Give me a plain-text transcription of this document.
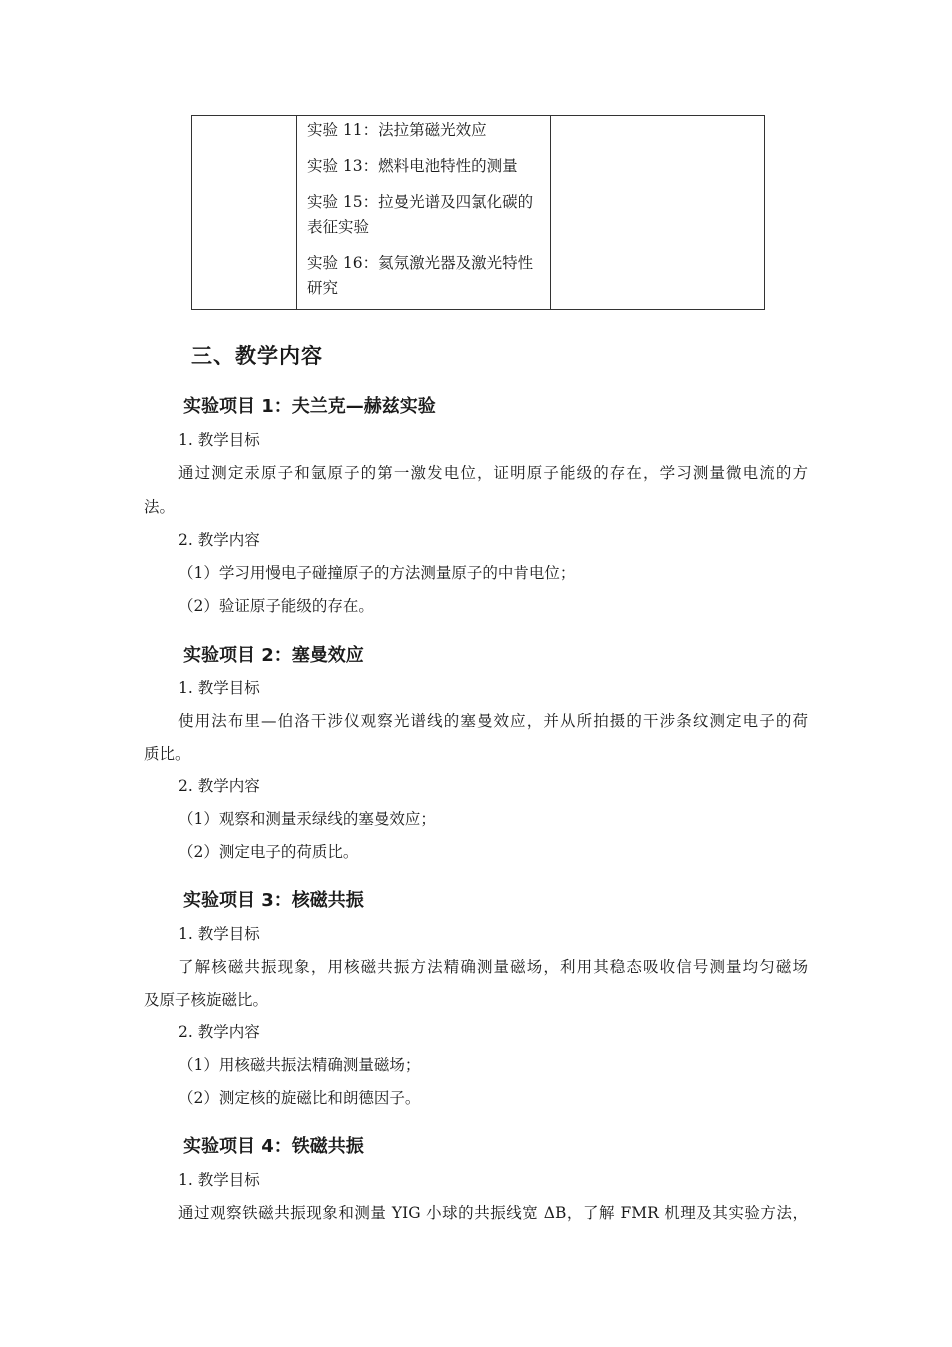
实验 11：法拉第磁光效应
实验 13：燃料电池特性的测量
实验 15：拉曼光谱及四氯化碳的表征实验
实验 16：氦氖激光器及激光特性研究

三、教学内容
实验项目 1：夫兰克—赫兹实验
1. 教学目标
通过测定汞原子和氩原子的第一激发电位，证明原子能级的存在，学习测量微电流的方
法。
2. 教学内容
（1）学习用慢电子碰撞原子的方法测量原子的中肯电位；
（2）验证原子能级的存在。
实验项目 2：塞曼效应
1. 教学目标
使用法布里—伯洛干涉仪观察光谱线的塞曼效应，并从所拍摄的干涉条纹测定电子的荷
质比。
2. 教学内容
（1）观察和测量汞绿线的塞曼效应；
（2）测定电子的荷质比。
实验项目 3：核磁共振
1. 教学目标
了解核磁共振现象，用核磁共振方法精确测量磁场，利用其稳态吸收信号测量均匀磁场
及原子核旋磁比。
2. 教学内容
（1）用核磁共振法精确测量磁场；
（2）测定核的旋磁比和朗德因子。
实验项目 4：铁磁共振
1. 教学目标
通过观察铁磁共振现象和测量 YIG 小球的共振线宽 ΔB，了解 FMR 机理及其实验方法，
